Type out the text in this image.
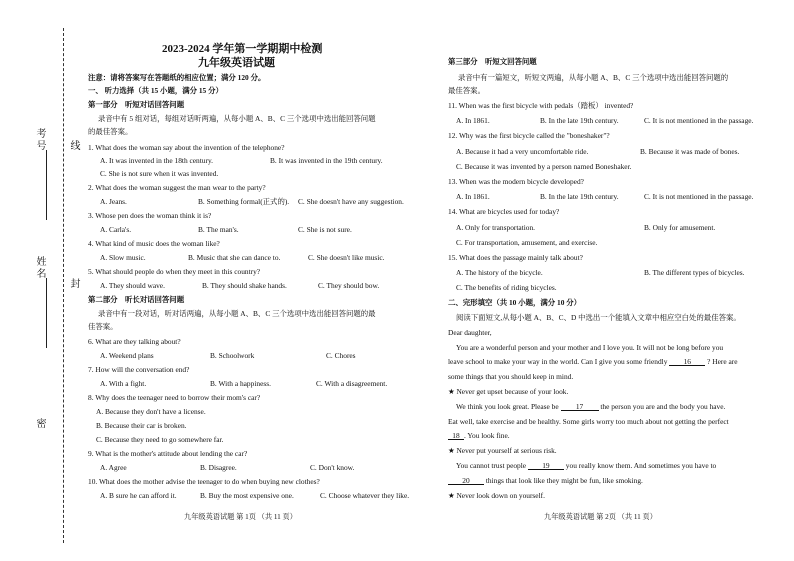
考号 线
姓名
封
密
2023-2024 学年第一学期期中检测
九年级英语试题
注意：请将答案写在答题纸的相应位置；满分 120 分。
一、 听力选择（共 15 小题，满分 15 分）
第一部分　听短对话回答问题
录音中有 5 组对话，每组对话听两遍，从每小题 A、B、C 三个选项中选出能回答问题
的最佳答案。
1. What does the woman say about the invention of the telephone?
A. It was invented in the 18th century.	B. It was invented in the 19th century.
C. She is not sure when it was invented.
2. What does the woman suggest the man wear to the party?
A. Jeans.	B. Something formal(正式的). C. She doesn't have any suggestion.
3. Whose pen does the woman think it is?
A. Carla's.	B. The man's.	C. She is not sure.
4. What kind of music does the woman like?
A. Slow music.	B. Music that she can dance to.	C. She doesn't like music.
5. What should people do when they meet in this country?
A. They should wave.	B. They should shake hands.	C. They should bow.
第二部分　听长对话回答问题
录音中有一段对话，听对话两遍，从每小题 A、B、C 三个选项中选出能回答问题的最
佳答案。
6. What are they talking about?
A. Weekend plans	B. Schoolwork	C. Chores
7. How will the conversation end?
A. With a fight.	B. With a happiness.	C. With a disagreement.
8. Why does the teenager need to borrow their mom's car?
A. Because they don't have a license.
B. Because their car is broken.
C. Because they need to go somewhere far.
9. What is the mother's attitude about lending the car?
A. Agree	B. Disagree.	C. Don't know.
10. What does the mother advise the teenager to do when buying new clothes?
A. B sure he can afford it.	B. Buy the most expensive one.	C. Choose whatever they like.
九年级英语试题 第 1页 （共 11 页）
第三部分　听短文回答问题
录音中有一篇短文，听短文两遍，从每小题 A、B、C 三个选项中选出能回答问题的
最佳答案。
11. When was the first bicycle with pedals（踏板） invented?
A. In 1861.	B. In the late 19th century.	C. It is not mentioned in the passage.
12. Why was the first bicycle called the "boneshaker"?
A. Because it had a very uncomfortable ride.	B. Because it was made of bones.
C. Because it was invented by a person named Boneshaker.
13. When was the modern bicycle developed?
A. In 1861.	B. In the late 19th century.	C. It is not mentioned in the passage.
14. What are bicycles used for today?
A. Only for transportation.	B. Only for amusement.
C. For transportation, amusement, and exercise.
15. What does the passage mainly talk about?
A. The history of the bicycle.	B. The different types of bicycles.
C. The benefits of riding bicycles.
二、完形填空（共 10 小题，满分 10 分）
阅读下面短文,从每小题 A、B、C、D 中选出一个能填入文章中相应空白处的最佳答案。
Dear daughter,
You are a wonderful person and your mother and I love you. It will not be long before you
leave school to make your way in the world. Can I give you some friendly 16 ? Here are
some things that you should keep in mind.
★ Never get upset because of your look.
We think you look great. Please be 17 the person you are and the body you have.
Eat well, take exercise and be healthy. Some girls worry too much about not getting the perfect
18 . You look fine.
★ Never put yourself at serious risk.
You cannot trust people 19 you really know them. And sometimes you have to
20 things that look like they might be fun, like smoking.
★ Never look down on yourself.
九年级英语试题 第 2页 （共 11 页）
